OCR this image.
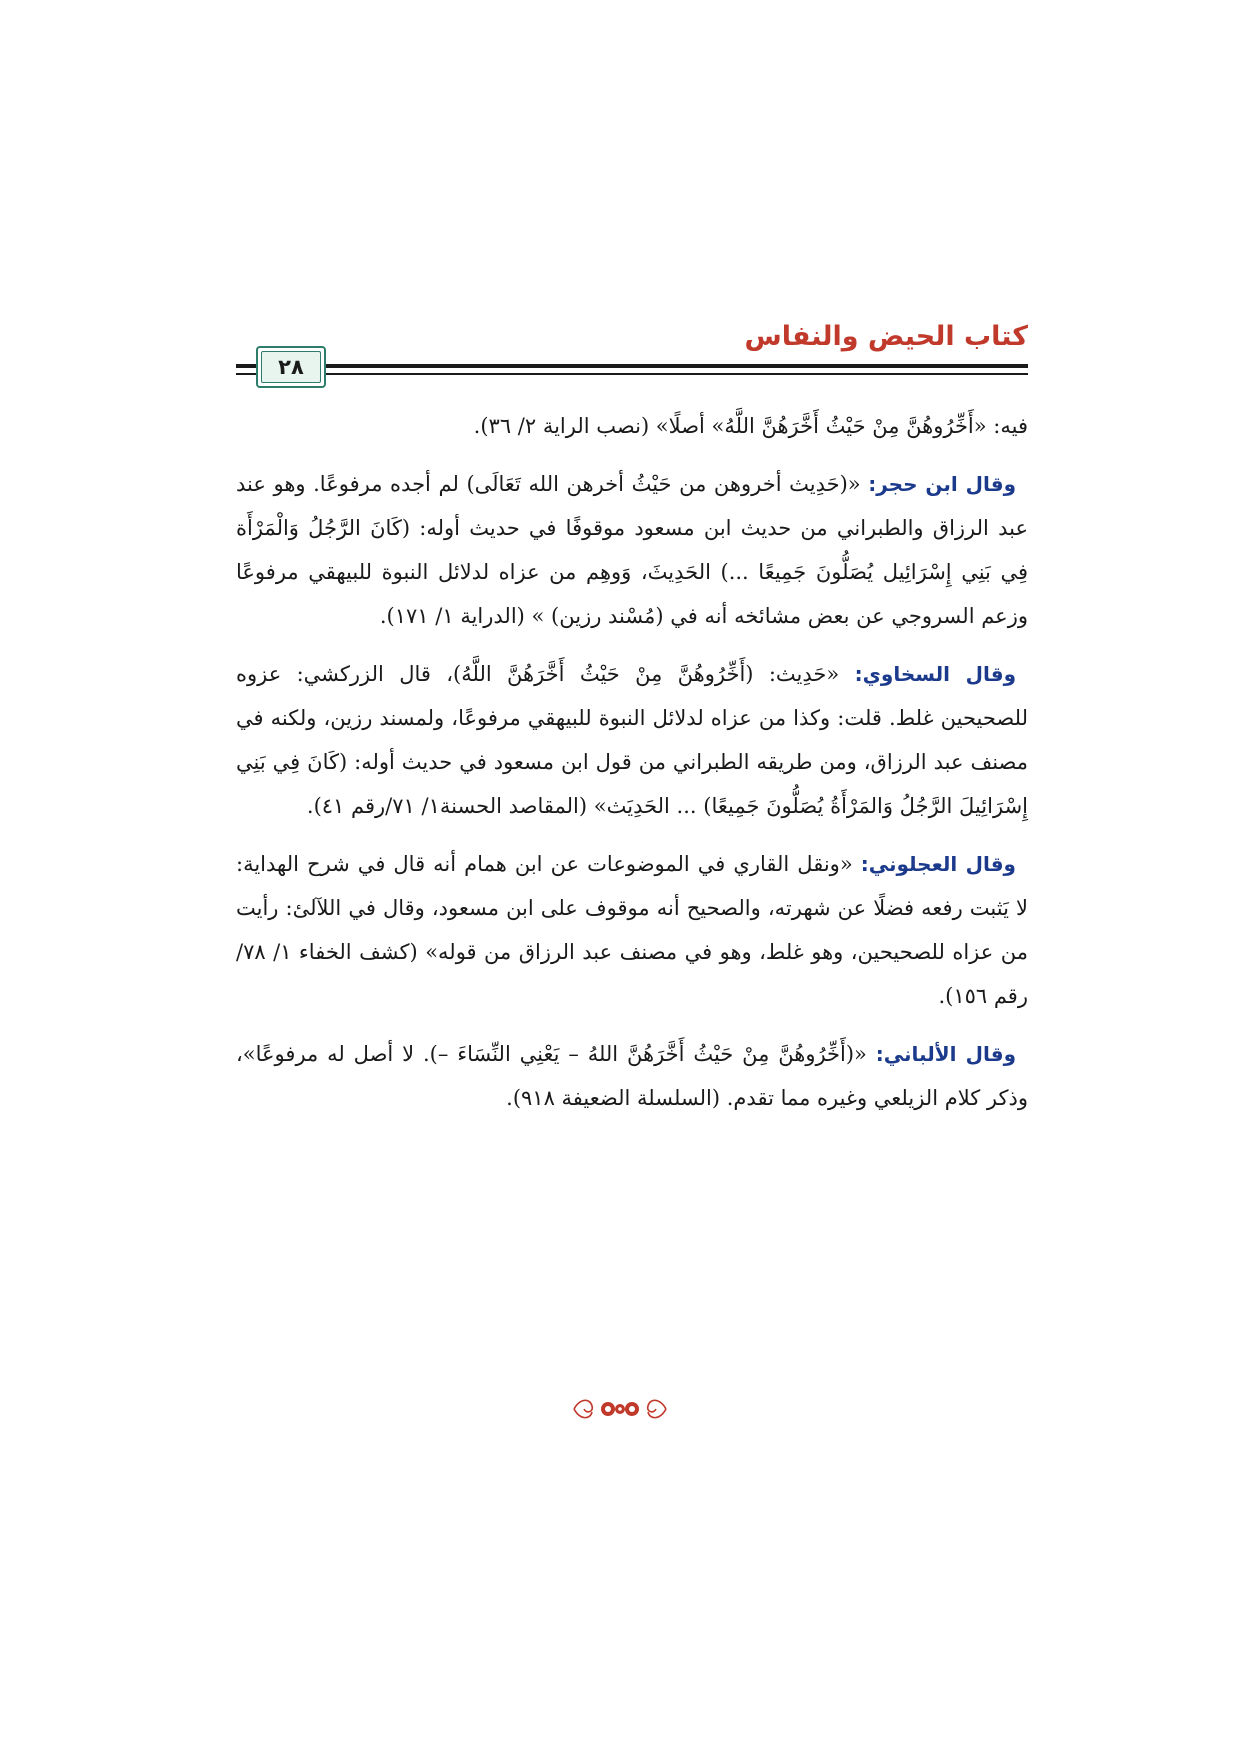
كتاب الحيض والنفاس
٢٨

فيه: «أَخِّرُوهُنَّ مِنْ حَيْثُ أَخَّرَهُنَّ اللَّهُ» أصلًا» (نصب الراية ٢/ ٣٦).

وقال ابن حجر: «(حَدِيث أخروهن من حَيْثُ أخرهن الله تَعَالَى) لم أجده مرفوعًا. وهو عند عبد الرزاق والطبراني من حديث ابن مسعود موقوفًا في حديث أوله: (كَانَ الرَّجُلُ وَالْمَرْأَة فِي بَنِي إِسْرَائِيل يُصَلُّونَ جَمِيعًا ...) الحَدِيثَ، وَوهِم من عزاه لدلائل النبوة للبيهقي مرفوعًا وزعم السروجي عن بعض مشائخه أنه في (مُسْند رزين) » (الدراية ١/ ١٧١).

وقال السخاوي: «حَدِيث: (أَخِّرُوهُنَّ مِنْ حَيْثُ أَخَّرَهُنَّ اللَّهُ)، قال الزركشي: عزوه للصحيحين غلط. قلت: وكذا من عزاه لدلائل النبوة للبيهقي مرفوعًا، ولمسند رزين، ولكنه في مصنف عبد الرزاق، ومن طريقه الطبراني من قول ابن مسعود في حديث أوله: (كَانَ فِي بَنِي إِسْرَائِيلَ الرَّجُلُ وَالمَرْأَةُ يُصَلُّونَ جَمِيعًا) ... الحَدِيَث» (المقاصد الحسنة١/ ٧١/رقم ٤١).

وقال العجلوني: «ونقل القاري في الموضوعات عن ابن همام أنه قال في شرح الهداية: لا يَثبت رفعه فضلًا عن شهرته، والصحيح أنه موقوف على ابن مسعود، وقال في اللآلئ: رأيت من عزاه للصحيحين، وهو غلط، وهو في مصنف عبد الرزاق من قوله» (كشف الخفاء ١/ ٧٨/رقم ١٥٦).

وقال الألباني: «(أَخِّرُوهُنَّ مِنْ حَيْثُ أَخَّرَهُنَّ اللهُ – يَعْنِي النِّسَاءَ –). لا أصل له مرفوعًا»، وذكر كلام الزيلعي وغيره مما تقدم. (السلسلة الضعيفة ٩١٨).
